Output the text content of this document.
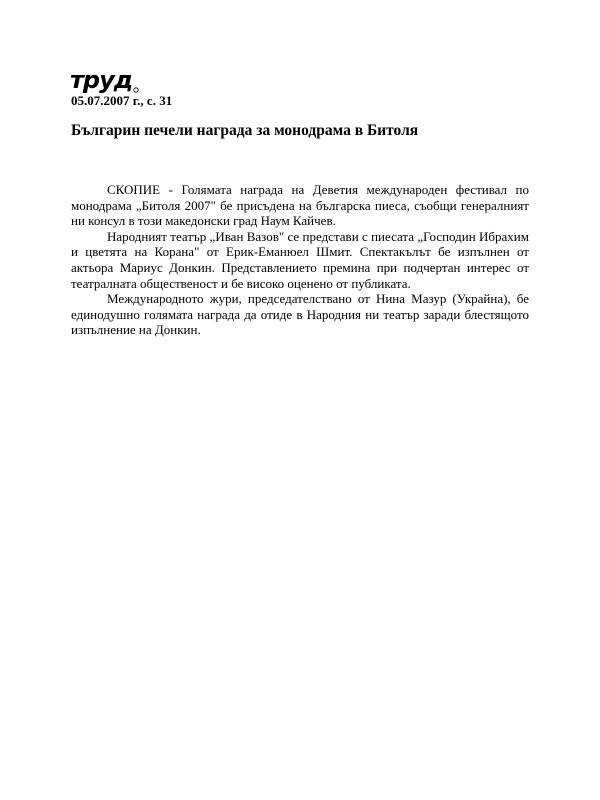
труд
05.07.2007 г., с. 31
Българин печели награда за монодрама в Битоля

СКОПИЕ - Голямата награда на Деветия международен фестивал по монодрама „Битоля 2007" бе присъдена на българска пиеса, съобщи генералният ни консул в този македонски град Наум Кайчев.

Народният театър „Иван Вазов" се представи с пиесата „Господин Ибрахим и цветята на Корана" от Ерик-Еманюел Шмит. Спектакълът бе изпълнен от актьора Мариус Донкин. Представлението премина при подчертан интерес от театралната общественост и бе високо оценено от публиката.

Международното жури, председателствано от Нина Мазур (Украйна), бе единодушно голямата награда да отиде в Народния ни театър заради блестящото изпълнение на Донкин.
